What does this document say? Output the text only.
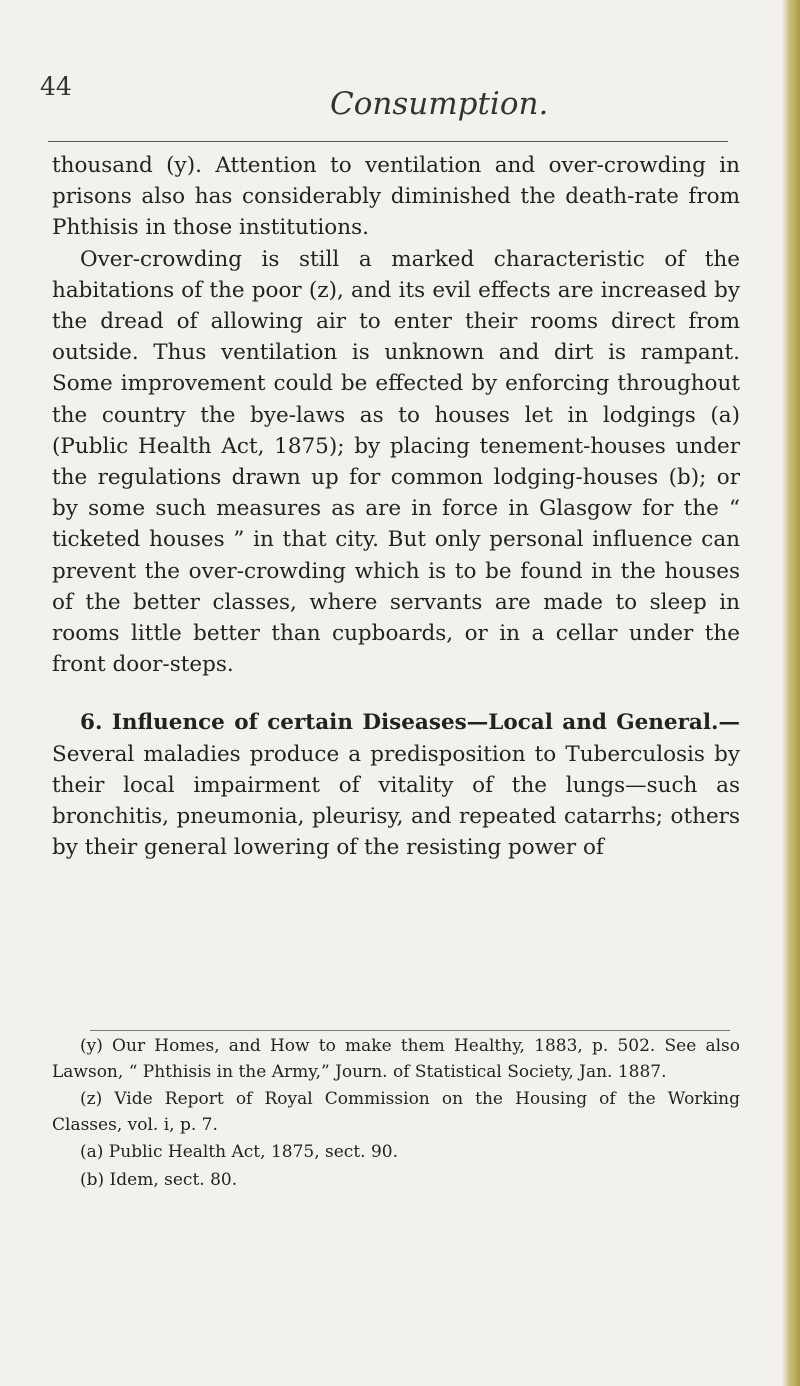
44	Consumption.

thousand (y). Attention to ventilation and over-crowding in prisons also has considerably diminished the death-rate from Phthisis in those institutions.

Over-crowding is still a marked characteristic of the habitations of the poor (z), and its evil effects are increased by the dread of allowing air to enter their rooms direct from outside. Thus ventilation is unknown and dirt is rampant. Some improvement could be effected by enforcing throughout the country the bye-laws as to houses let in lodgings (a) (Public Health Act, 1875); by placing tenement-houses under the regulations drawn up for common lodging-houses (b); or by some such measures as are in force in Glasgow for the “ ticketed houses ” in that city. But only personal influence can prevent the over-crowding which is to be found in the houses of the better classes, where servants are made to sleep in rooms little better than cupboards, or in a cellar under the front door-steps.

6. Influence of certain Diseases—Local and General.— Several maladies produce a predisposition to Tuberculosis by their local impairment of vitality of the lungs—such as bronchitis, pneumonia, pleurisy, and repeated catarrhs; others by their general lowering of the resisting power of

(y) Our Homes, and How to make them Healthy, 1883, p. 502. See also Lawson, “ Phthisis in the Army,” Journ. of Statistical Society, Jan. 1887.

(z) Vide Report of Royal Commission on the Housing of the Working Classes, vol. i, p. 7.

(a) Public Health Act, 1875, sect. 90.

(b) Idem, sect. 80.
